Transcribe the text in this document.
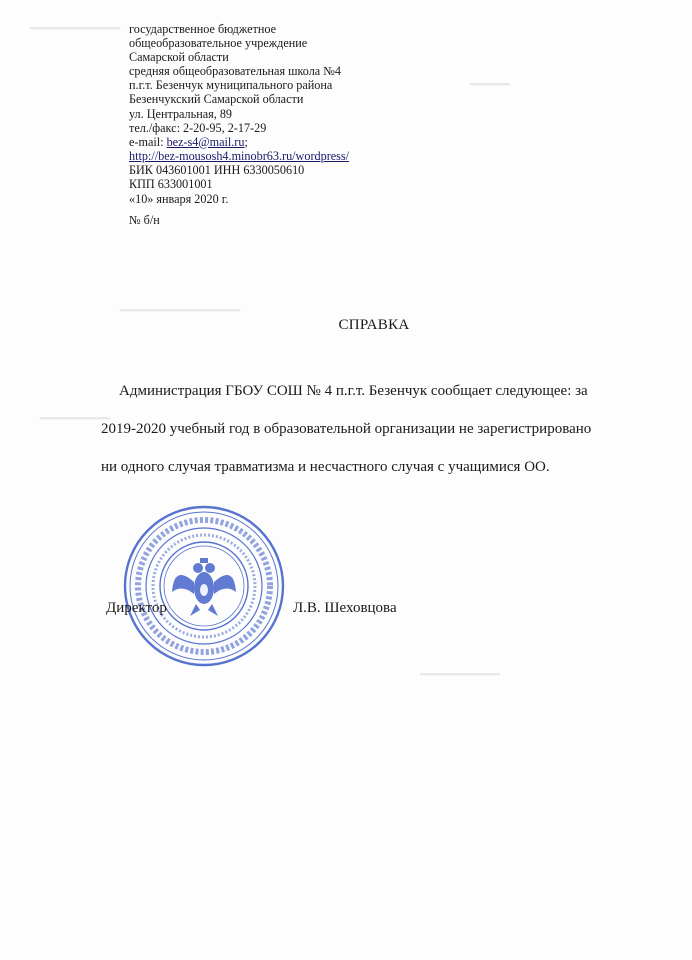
▁▁▁▁▁▁▁▁▁
▁▁▁▁
▁▁▁▁▁▁▁▁▁▁▁▁
▁▁▁▁▁▁▁
▁▁▁▁▁▁▁▁
государственное бюджетное
общеобразовательное учреждение
Самарской области
средняя общеобразовательная школа №4
п.г.т. Безенчук муниципального района
Безенчукский Самарской области
ул. Центральная, 89
тел./факс: 2-20-95, 2-17-29
e-mail: bez-s4@mail.ru;
http://bez-mousosh4.minobr63.ru/wordpress/
БИК 043601001 ИНН 6330050610
КПП 633001001
«10» января 2020 г.
№ б/н
СПРАВКА
Администрация ГБОУ СОШ № 4 п.г.т. Безенчук сообщает следующее: за
2019-2020 учебный год в образовательной организации не зарегистрировано
ни одного случая травматизма и несчастного случая с учащимися ОО.
Директор	Л.В. Шеховцова
